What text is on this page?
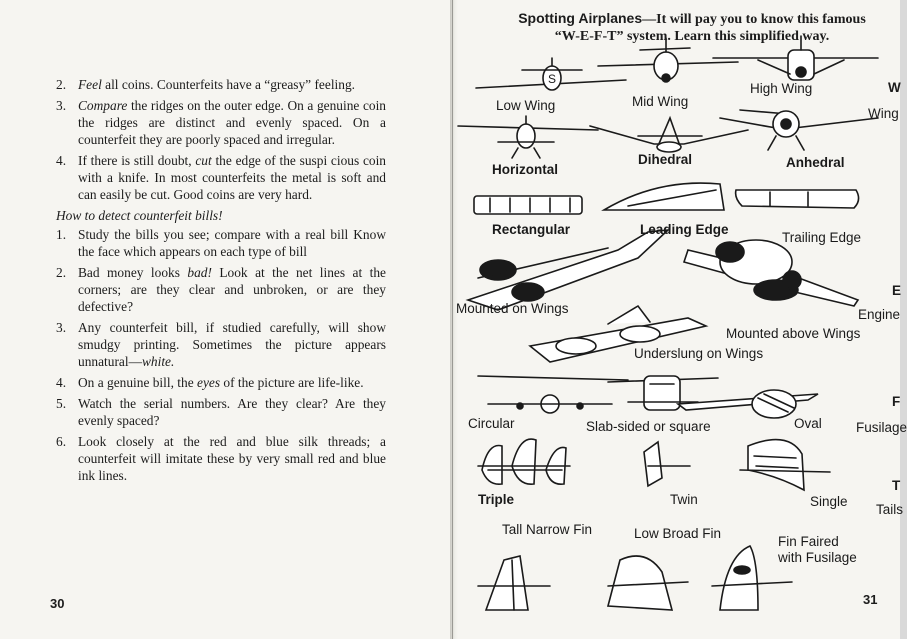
2. Feel all coins. Counterfeits have a “greasy” feeling.
3. Compare the ridges on the outer edge. On a genuine coin the ridges are distinct and evenly spaced. On a counterfeit they are poorly spaced and irregular.
4. If there is still doubt, cut the edge of the suspi cious coin with a knife. In most counterfeits the metal is soft and can easily be cut. Good coins are very hard.
How to detect counterfeit bills!
1. Study the bills you see; compare with a real bill Know the face which appears on each type of bill
2. Bad money looks bad! Look at the net lines at the corners; are they clear and unbroken, or are they defective?
3. Any counterfeit bill, if studied carefully, will show smudgy printing. Sometimes the picture appears unnatural—white.
4. On a genuine bill, the eyes of the picture are life-like.
5. Watch the serial numbers. Are they clear? Are they evenly spaced?
6. Look closely at the red and blue silk threads; a counterfeit will imitate these by very small red and blue ink lines.
30
S
Spotting Airplanes—It will pay you to know this famous “W-E-F-T” system. Learn this simplified way.
Low Wing	Mid Wing
High Wing
Horizontal
Dihedral	Anhedral
Rectangular	Leading Edge
Trailing Edge
Mounted on Wings
Mounted above Wings
Underslung on Wings
Circular	Slab-sided or square	Oval
Triple	Twin	Single
Tall Narrow Fin	Low Broad Fin
Fin Faired
with Fusilage
W
Wing
E
Engine
F
Fusilage
T
Tails
31
